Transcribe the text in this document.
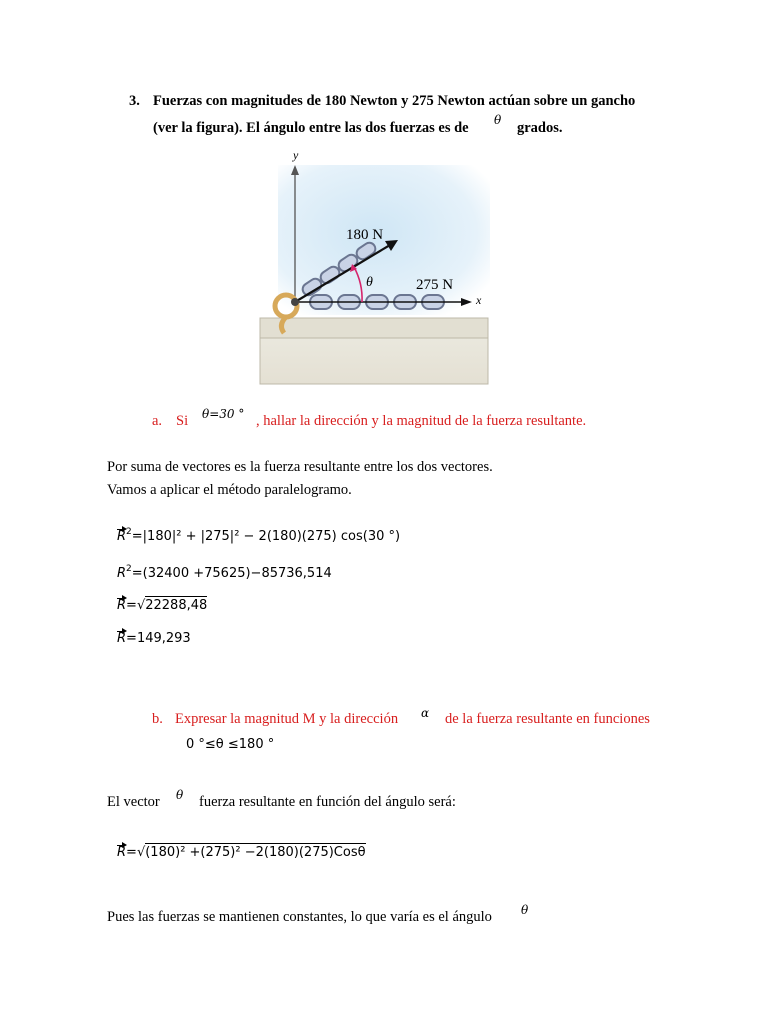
3. Fuerzas con magnitudes de 180 Newton y 275 Newton actúan sobre un gancho
(ver la figura). El ángulo entre las dos fuerzas es de θ grados.
y
x
180 N
275 N
θ
a. Si θ=30 ° , hallar la dirección y la magnitud de la fuerza resultante.
Por suma de vectores es la fuerza resultante entre los dos vectores.
Vamos a aplicar el método paralelogramo.
$R^2=|180|^2 + |275|^2 - 2(180)(275)$ cos(30 °)
$R^2=(32400 +75625)-85736,514$
R=√22288,48
R=149,293
b. Expresar la magnitud M y la dirección α de la fuerza resultante en funciones
0 °≤θ ≤180 °
El vector θ fuerza resultante en función del ángulo será:
R=√(180)² +(275)² −2(180)(275)Cosθ
Pues las fuerzas se mantienen constantes, lo que varía es el ángulo θ
